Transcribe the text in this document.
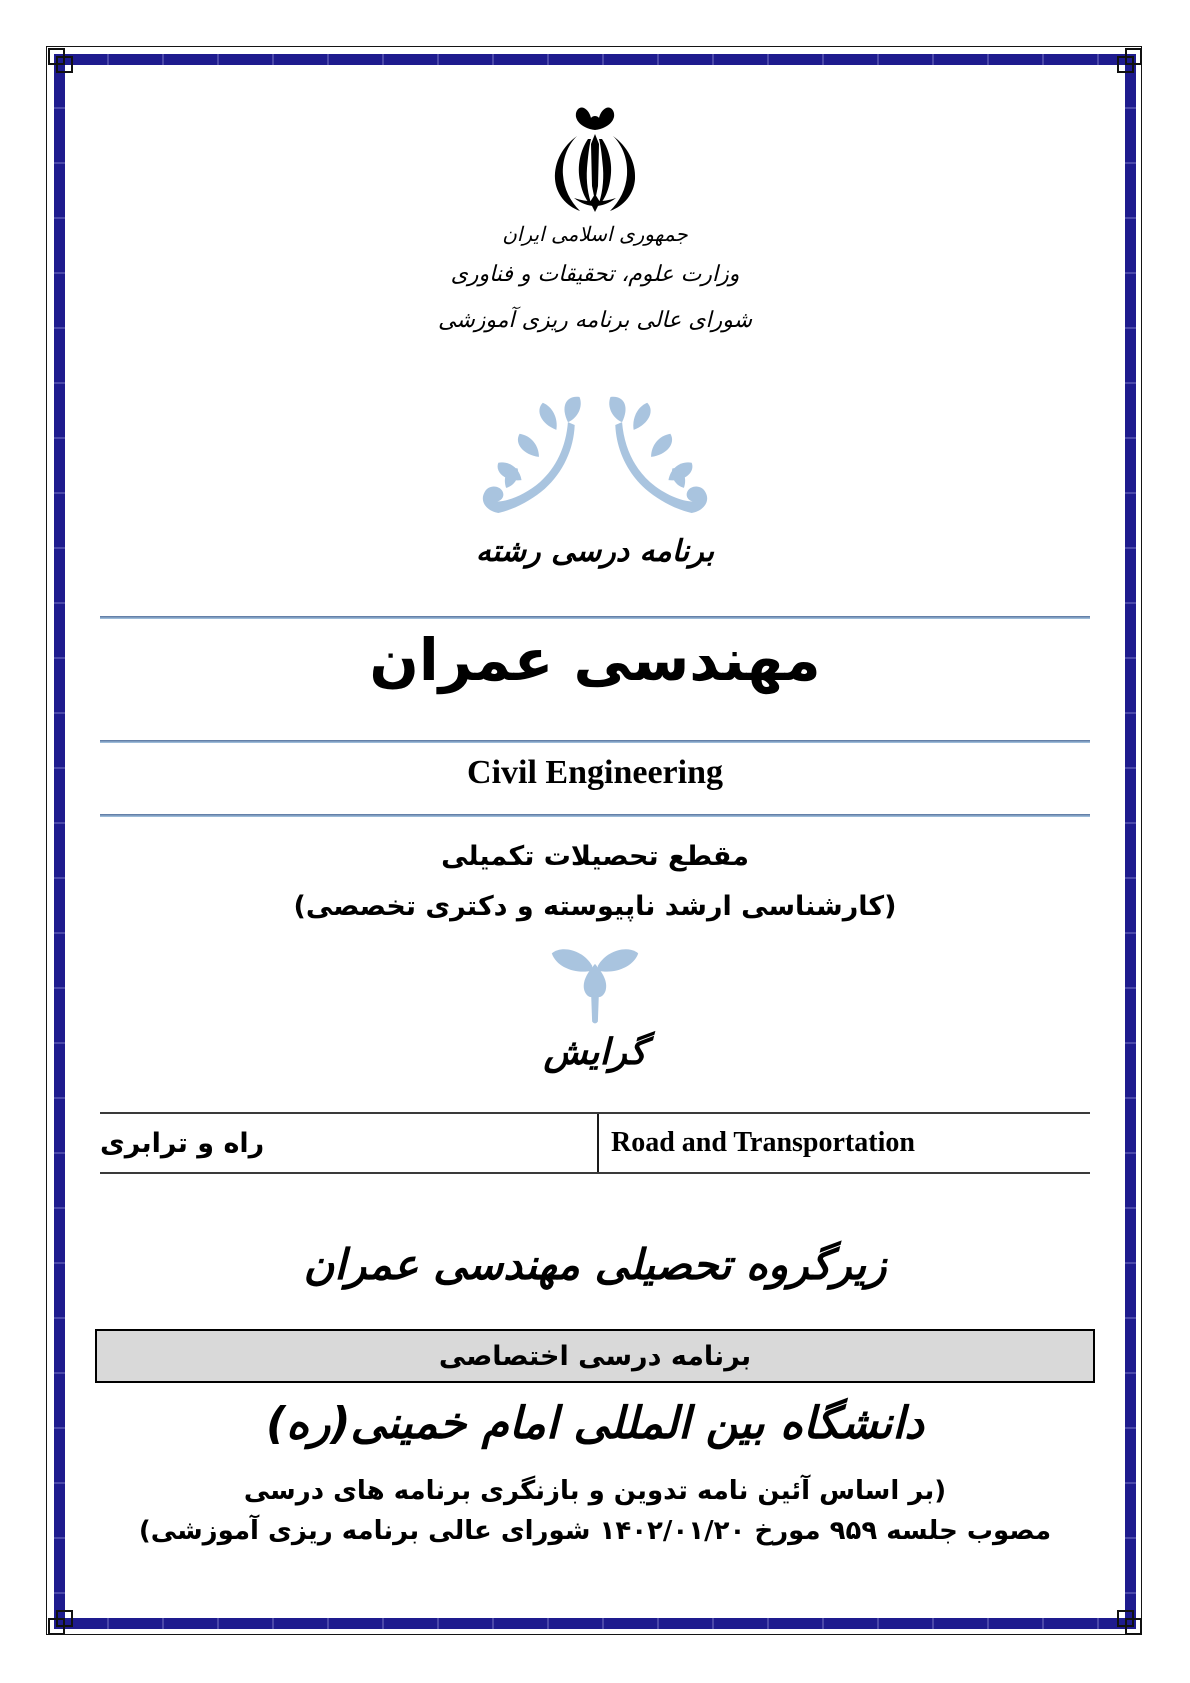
جمهوری اسلامی ایران
وزارت علوم، تحقیقات و فناوری
شورای عالی برنامه ریزی آموزشی
برنامه درسی رشته
مهندسی عمران
Civil Engineering
مقطع تحصیلات تکمیلی
(کارشناسی ارشد ناپیوسته و دکتری تخصصی)
گرایش
راه و ترابری	Road and Transportation
زیرگروه تحصیلی مهندسی عمران
برنامه درسی اختصاصی
دانشگاه بین المللی امام خمینی(ره)
(بر اساس آئین نامه تدوین و بازنگری برنامه های درسی
مصوب جلسه ۹۵۹ مورخ ۱۴۰۲/۰۱/۲۰ شورای عالی برنامه ریزی آموزشی)
